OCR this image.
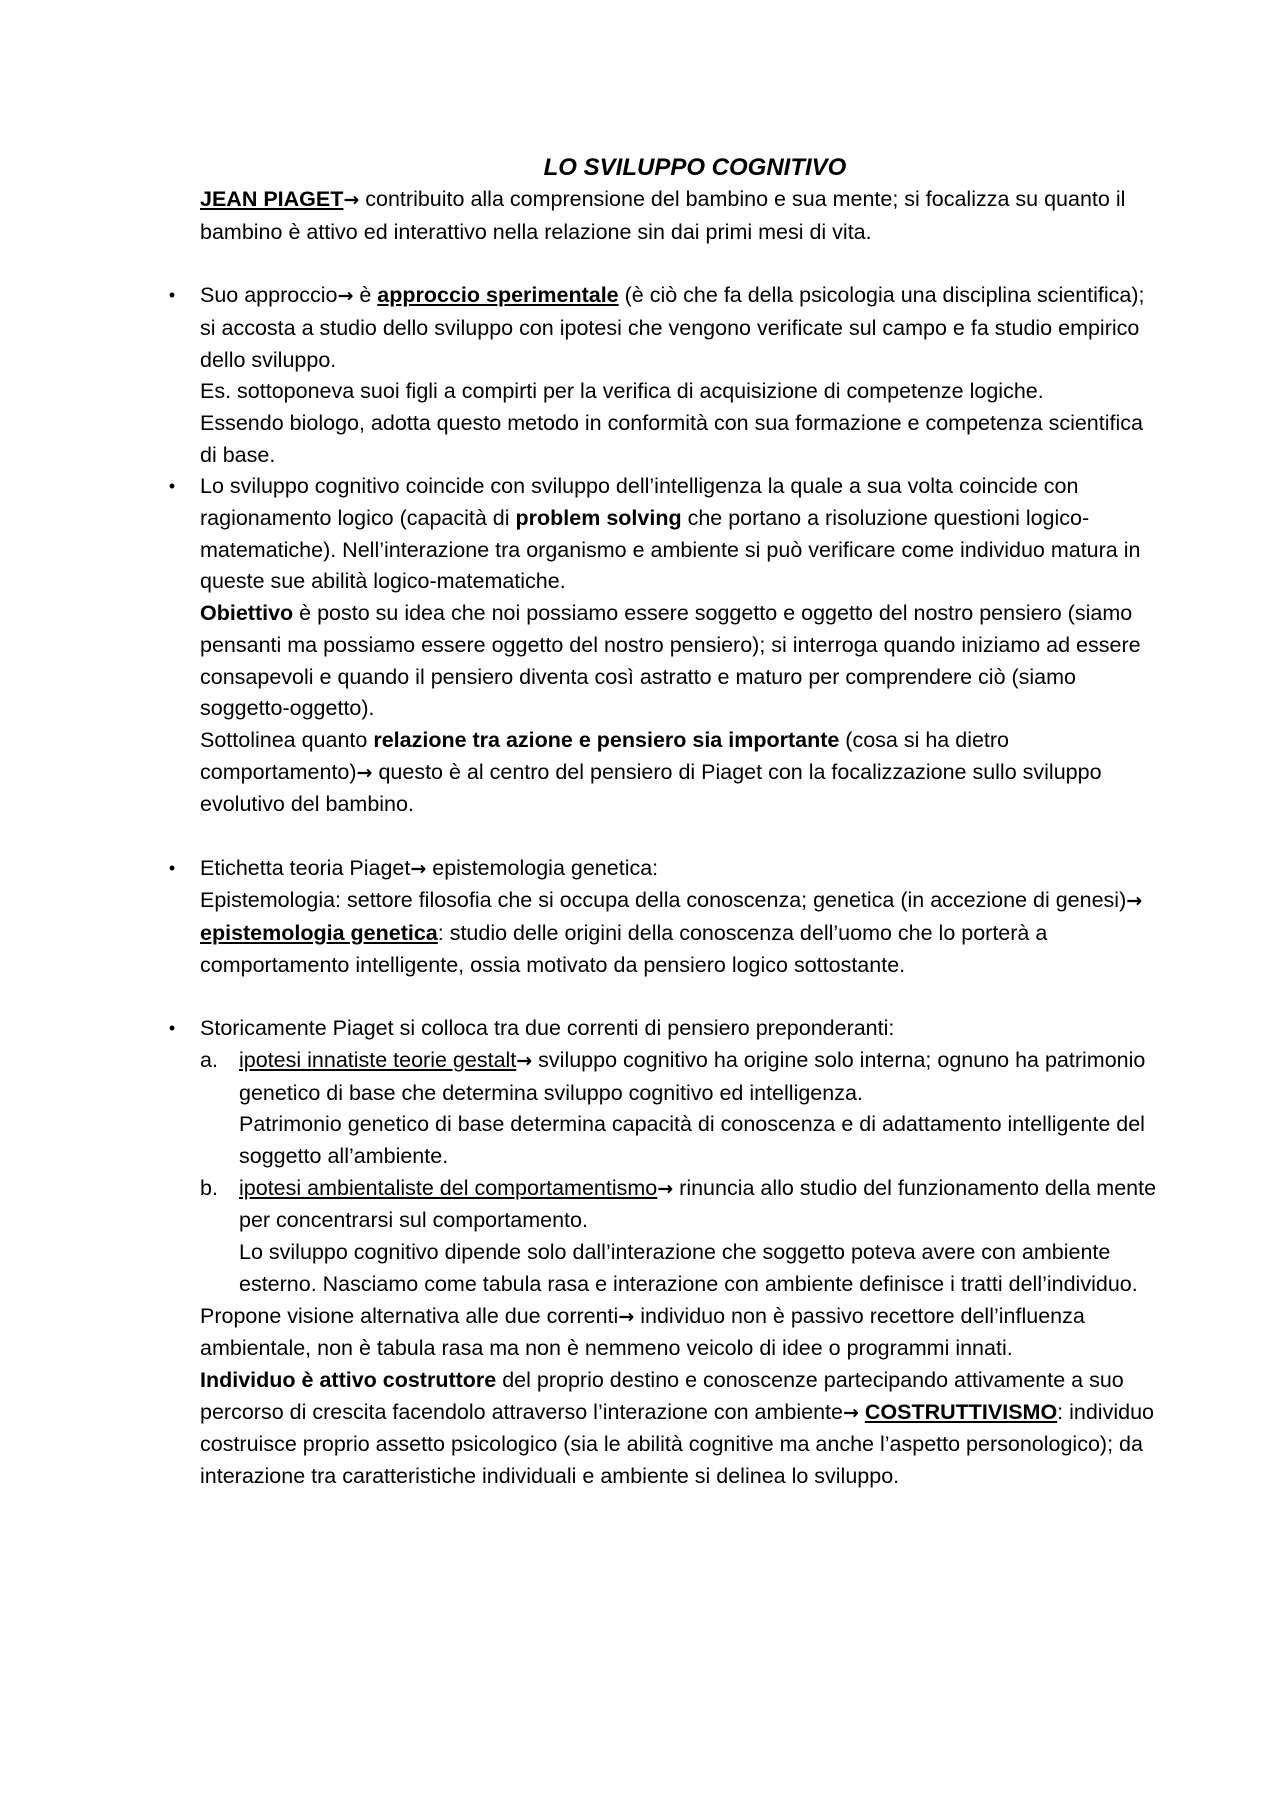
LO SVILUPPO COGNITIVO

JEAN PIAGET→ contribuito alla comprensione del bambino e sua mente; si focalizza su quanto il bambino è attivo ed interattivo nella relazione sin dai primi mesi di vita.

• Suo approccio→ è approccio sperimentale (è ciò che fa della psicologia una disciplina scientifica); si accosta a studio dello sviluppo con ipotesi che vengono verificate sul campo e fa studio empirico dello sviluppo.

Es. sottoponeva suoi figli a compirti per la verifica di acquisizione di competenze logiche.

Essendo biologo, adotta questo metodo in conformità con sua formazione e competenza scientifica di base.

• Lo sviluppo cognitivo coincide con sviluppo dell’intelligenza la quale a sua volta coincide con ragionamento logico (capacità di problem solving che portano a risoluzione questioni logico-matematiche). Nell’interazione tra organismo e ambiente si può verificare come individuo matura in queste sue abilità logico-matematiche.

Obiettivo è posto su idea che noi possiamo essere soggetto e oggetto del nostro pensiero (siamo pensanti ma possiamo essere oggetto del nostro pensiero); si interroga quando iniziamo ad essere consapevoli e quando il pensiero diventa così astratto e maturo per comprendere ciò (siamo soggetto-oggetto).

Sottolinea quanto relazione tra azione e pensiero sia importante (cosa si ha dietro comportamento)→ questo è al centro del pensiero di Piaget con la focalizzazione sullo sviluppo evolutivo del bambino.

• Etichetta teoria Piaget→ epistemologia genetica:

Epistemologia: settore filosofia che si occupa della conoscenza; genetica (in accezione di genesi)→ epistemologia genetica: studio delle origini della conoscenza dell’uomo che lo porterà a comportamento intelligente, ossia motivato da pensiero logico sottostante.

• Storicamente Piaget si colloca tra due correnti di pensiero preponderanti:

a. ipotesi innatiste teorie gestalt→ sviluppo cognitivo ha origine solo interna; ognuno ha patrimonio genetico di base che determina sviluppo cognitivo ed intelligenza.

Patrimonio genetico di base determina capacità di conoscenza e di adattamento intelligente del soggetto all’ambiente.

b. ipotesi ambientaliste del comportamentismo→ rinuncia allo studio del funzionamento della mente per concentrarsi sul comportamento.

Lo sviluppo cognitivo dipende solo dall’interazione che soggetto poteva avere con ambiente esterno. Nasciamo come tabula rasa e interazione con ambiente definisce i tratti dell’individuo.

Propone visione alternativa alle due correnti→ individuo non è passivo recettore dell’influenza ambientale, non è tabula rasa ma non è nemmeno veicolo di idee o programmi innati.

Individuo è attivo costruttore del proprio destino e conoscenze partecipando attivamente a suo percorso di crescita facendolo attraverso l’interazione con ambiente→ COSTRUTTIVISMO: individuo costruisce proprio assetto psicologico (sia le abilità cognitive ma anche l’aspetto personologico); da interazione tra caratteristiche individuali e ambiente si delinea lo sviluppo.
